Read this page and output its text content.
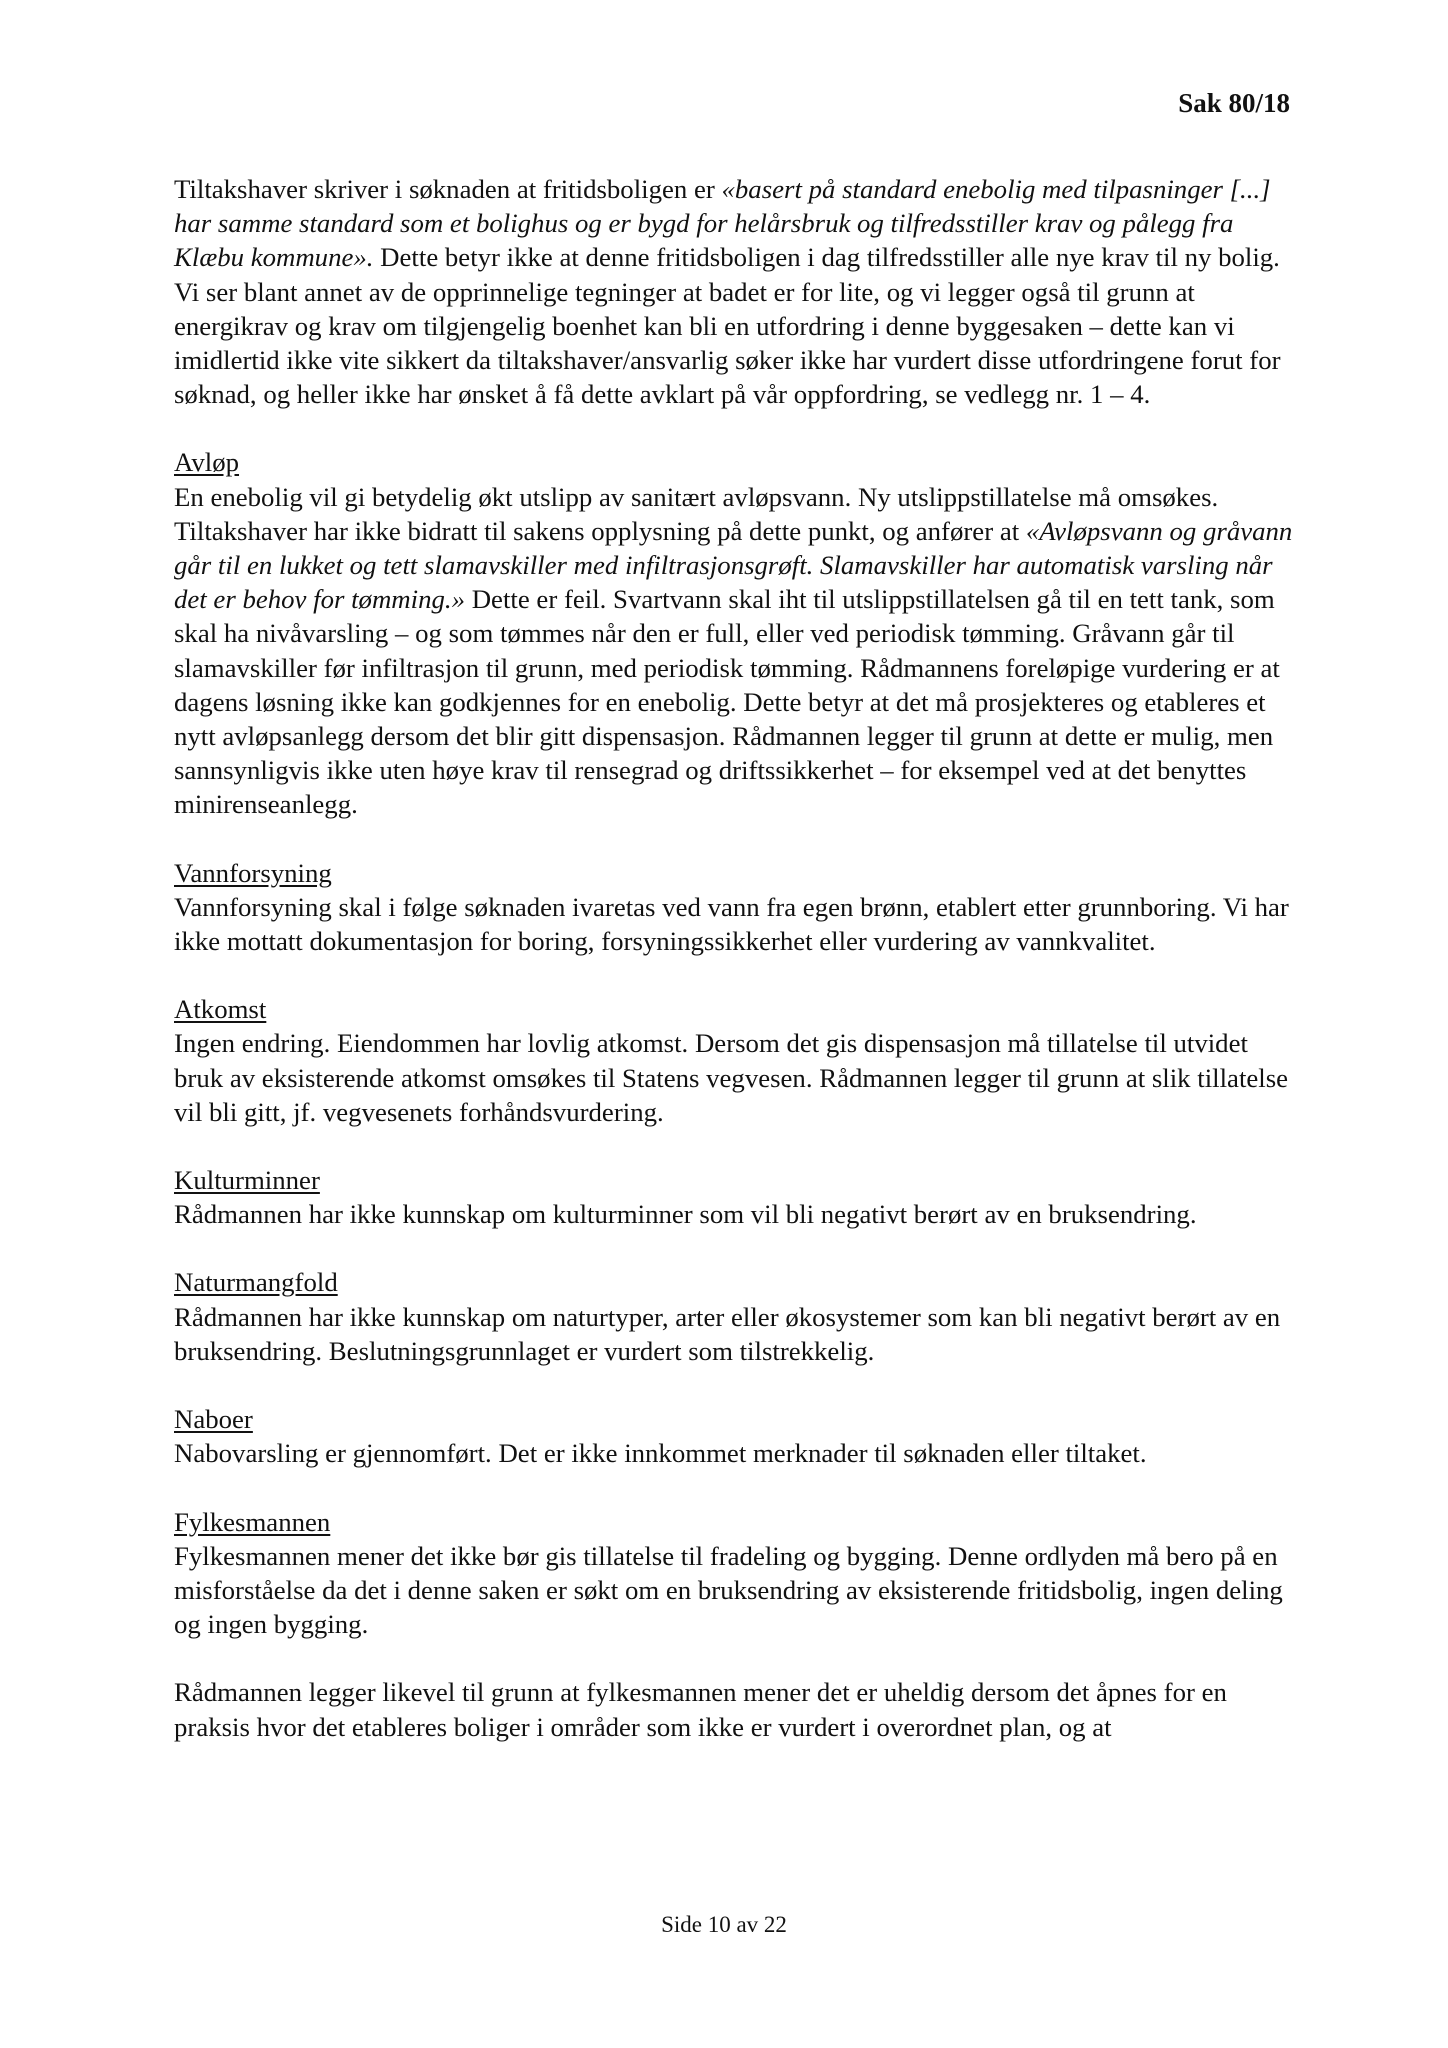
Sak 80/18

Tiltakshaver skriver i søknaden at fritidsboligen er «basert på standard enebolig med tilpasninger [...] har samme standard som et bolighus og er bygd for helårsbruk og tilfredsstiller krav og pålegg fra Klæbu kommune». Dette betyr ikke at denne fritidsboligen i dag tilfredsstiller alle nye krav til ny bolig. Vi ser blant annet av de opprinnelige tegninger at badet er for lite, og vi legger også til grunn at energikrav og krav om tilgjengelig boenhet kan bli en utfordring i denne byggesaken – dette kan vi imidlertid ikke vite sikkert da tiltakshaver/ansvarlig søker ikke har vurdert disse utfordringene forut for søknad, og heller ikke har ønsket å få dette avklart på vår oppfordring, se vedlegg nr. 1 – 4.

Avløp

En enebolig vil gi betydelig økt utslipp av sanitært avløpsvann. Ny utslippstillatelse må omsøkes. Tiltakshaver har ikke bidratt til sakens opplysning på dette punkt, og anfører at «Avløpsvann og gråvann går til en lukket og tett slamavskiller med infiltrasjonsgrøft. Slamavskiller har automatisk varsling når det er behov for tømming.» Dette er feil. Svartvann skal iht til utslippstillatelsen gå til en tett tank, som skal ha nivåvarsling – og som tømmes når den er full, eller ved periodisk tømming. Gråvann går til slamavskiller før infiltrasjon til grunn, med periodisk tømming. Rådmannens foreløpige vurdering er at dagens løsning ikke kan godkjennes for en enebolig. Dette betyr at det må prosjekteres og etableres et nytt avløpsanlegg dersom det blir gitt dispensasjon. Rådmannen legger til grunn at dette er mulig, men sannsynligvis ikke uten høye krav til rensegrad og driftssikkerhet – for eksempel ved at det benyttes minirenseanlegg.

Vannforsyning

Vannforsyning skal i følge søknaden ivaretas ved vann fra egen brønn, etablert etter grunnboring. Vi har ikke mottatt dokumentasjon for boring, forsyningssikkerhet eller vurdering av vannkvalitet.

Atkomst

Ingen endring. Eiendommen har lovlig atkomst. Dersom det gis dispensasjon må tillatelse til utvidet bruk av eksisterende atkomst omsøkes til Statens vegvesen. Rådmannen legger til grunn at slik tillatelse vil bli gitt, jf. vegvesenets forhåndsvurdering.

Kulturminner

Rådmannen har ikke kunnskap om kulturminner som vil bli negativt berørt av en bruksendring.

Naturmangfold

Rådmannen har ikke kunnskap om naturtyper, arter eller økosystemer som kan bli negativt berørt av en bruksendring. Beslutningsgrunnlaget er vurdert som tilstrekkelig.

Naboer

Nabovarsling er gjennomført. Det er ikke innkommet merknader til søknaden eller tiltaket.

Fylkesmannen

Fylkesmannen mener det ikke bør gis tillatelse til fradeling og bygging. Denne ordlyden må bero på en misforståelse da det i denne saken er søkt om en bruksendring av eksisterende fritidsbolig, ingen deling og ingen bygging.

Rådmannen legger likevel til grunn at fylkesmannen mener det er uheldig dersom det åpnes for en praksis hvor det etableres boliger i områder som ikke er vurdert i overordnet plan, og at

Side 10 av 22
